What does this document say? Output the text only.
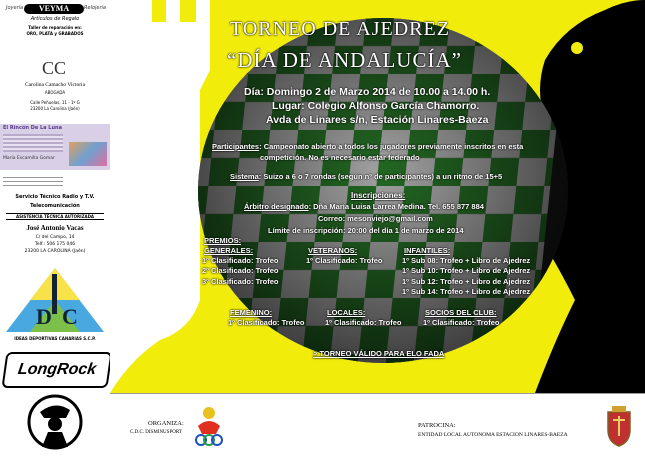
Joyería	VEYMA	Relojería
Artículos de Regalo
Taller de reparación en:
ORO, PLATA y GRABADOS
CC
Carolina Camacho Victoria
ABOGADA
Calle Peñuelas, 11 - 1º G
23200 La Carolina (Jaén)
El Rincón De La Luna
María Escamilla Gomar
Servicio Técnico Radio y T.V.
Telecomunicación
ASISTENCIA TÉCNICA AUTORIZADA
José Antonio Vacas
C/ del Campo, 14
Telf.: 506 175 046
23200 LA CAROLINA (Jaén)
D C
IDEAS DEPORTIVAS CANARIAS S.C.P.
LongRock
TORNEO DE AJEDREZ
“DÍA DE ANDALUCÍA”
Día: Domingo 2 de Marzo 2014 de 10.00 a 14.00 h.
Lugar: Colegio Alfonso García Chamorro.
Avda de Linares s/n, Estación Linares-Baeza
Participantes: Campeonato abierto a todos los jugadores previamente inscritos en esta
competición. No es necesario estar federado
Sistema: Suizo a 6 o 7 rondas (según nº de participantes) a un ritmo de 15+5
Inscripciones:
Árbitro designado: Dña María Luisa Larrea Medina. Tel. 655 877 884
Correo: mesonviejo@gmail.com
Límite de inscripción: 20:00 del día 1 de marzo de 2014
PREMIOS:
GENERALES:
1º Clasificado: Trofeo
2º Clasificado: Trofeo
3º Clasificado: Trofeo
VETERANOS:
1º Clasificado: Trofeo
INFANTILES:
1º Sub 08: Trofeo + Libro de Ajedrez
1º Sub 10: Trofeo + Libro de Ajedrez
1º Sub 12: Trofeo + Libro de Ajedrez
1º Sub 14: Trofeo + Libro de Ajedrez
FEMENINO:
1º Clasificado: Trofeo
LOCALES:
1º Clasificado: Trofeo
SOCIOS DEL CLUB:
1º Clasificado: Trofeo
> TORNEO VÁLIDO PARA ELO FADA
ORGANIZA:
C.D.C. DISMINUSPORT
PATROCINA:
ENTIDAD LOCAL AUTONOMA ESTACION LINARES-BAEZA
